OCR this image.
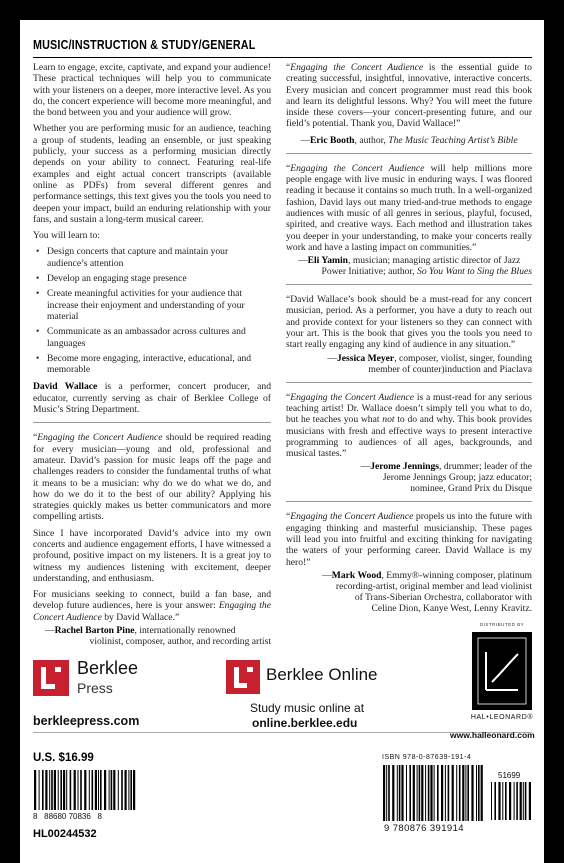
MUSIC/INSTRUCTION & STUDY/GENERAL

Learn to engage, excite, captivate, and expand your audience! These practical techniques will help you to communicate with your listeners on a deeper, more interactive level. As you do, the concert experience will become more meaningful, and the bond between you and your audience will grow.

Whether you are performing music for an audience, teaching a group of students, leading an ensemble, or just speaking publicly, your success as a performing musician directly depends on your ability to connect. Featuring real-life examples and eight actual concert transcripts (available online as PDFs) from several different genres and performance settings, this text gives you the tools you need to deepen your impact, build an enduring relationship with your fans, and sustain a long-term musical career.

You will learn to:

• Design concerts that capture and maintain your audience’s attention
• Develop an engaging stage presence
• Create meaningful activities for your audience that increase their enjoyment and understanding of your material
• Communicate as an ambassador across cultures and languages
• Become more engaging, interactive, educational, and memorable

David Wallace is a performer, concert producer, and educator, currently serving as chair of Berklee College of Music’s String Department.

“Engaging the Concert Audience should be required reading for every musician—young and old, professional and amateur. David’s passion for music leaps off the page and challenges readers to consider the fundamental truths of what it means to be a musician: why do we do what we do, and how do we do it to the best of our ability? Applying his strategies quickly makes us better communicators and more compelling artists.

Since I have incorporated David’s advice into my own concerts and audience engagement efforts, I have witnessed a profound, positive impact on my listeners. It is a great joy to witness my audiences listening with excitement, deeper understanding, and enthusiasm.

For musicians seeking to connect, build a fan base, and develop future audiences, here is your answer: Engaging the Concert Audience by David Wallace.”

—Rachel Barton Pine, internationally renowned
violinist, composer, author, and recording artist

“Engaging the Concert Audience is the essential guide to creating successful, insightful, innovative, interactive concerts. Every musician and concert programmer must read this book and learn its delightful lessons. Why? You will meet the future inside these covers—your concert-presenting future, and our field’s potential. Thank you, David Wallace!”

—Eric Booth, author, The Music Teaching Artist’s Bible

“Engaging the Concert Audience will help millions more people engage with live music in enduring ways. I was floored reading it because it contains so much truth. In a well-organized fashion, David lays out many tried-and-true methods to engage audiences with music of all genres in serious, playful, focused, spirited, and creative ways. Each method and illustration takes you deeper in your understanding, to make your concerts really work and have a lasting impact on communities.”

—Eli Yamin, musician; managing artistic director of Jazz
Power Initiative; author, So You Want to Sing the Blues

“David Wallace’s book should be a must-read for any concert musician, period. As a performer, you have a duty to reach out and provide context for your listeners so they can connect with your art. This is the book that gives you the tools you need to start really engaging any kind of audience in any situation.”

—Jessica Meyer, composer, violist, singer, founding
member of counter)induction and Piaclava

“Engaging the Concert Audience is a must-read for any serious teaching artist! Dr. Wallace doesn’t simply tell you what to do, but he teaches you what not to do and why. This book provides musicians with fresh and effective ways to present interactive programming to audiences of all ages, backgrounds, and musical tastes.”

—Jerome Jennings, drummer; leader of the
Jerome Jennings Group; jazz educator;
nominee, Grand Prix du Disque

“Engaging the Concert Audience propels us into the future with engaging thinking and masterful musicianship. These pages will lead you into fruitful and exciting thinking for navigating the waters of your performing career. David Wallace is my hero!”

—Mark Wood, Emmy®-winning composer, platinum
recording-artist, original member and lead violinist
of Trans-Siberian Orchestra, collaborator with
Celine Dion, Kanye West, Lenny Kravitz.
Berklee
Press
berkleepress.com
Berklee Online
Study music online at
online.berklee.edu
DISTRIBUTED BY
HAL•LEONARD®
www.halleonard.com
U.S. $16.99
8   88680 70836   8
HL00244532
ISBN 978-0-87639-191-4
51699
9 780876 391914
